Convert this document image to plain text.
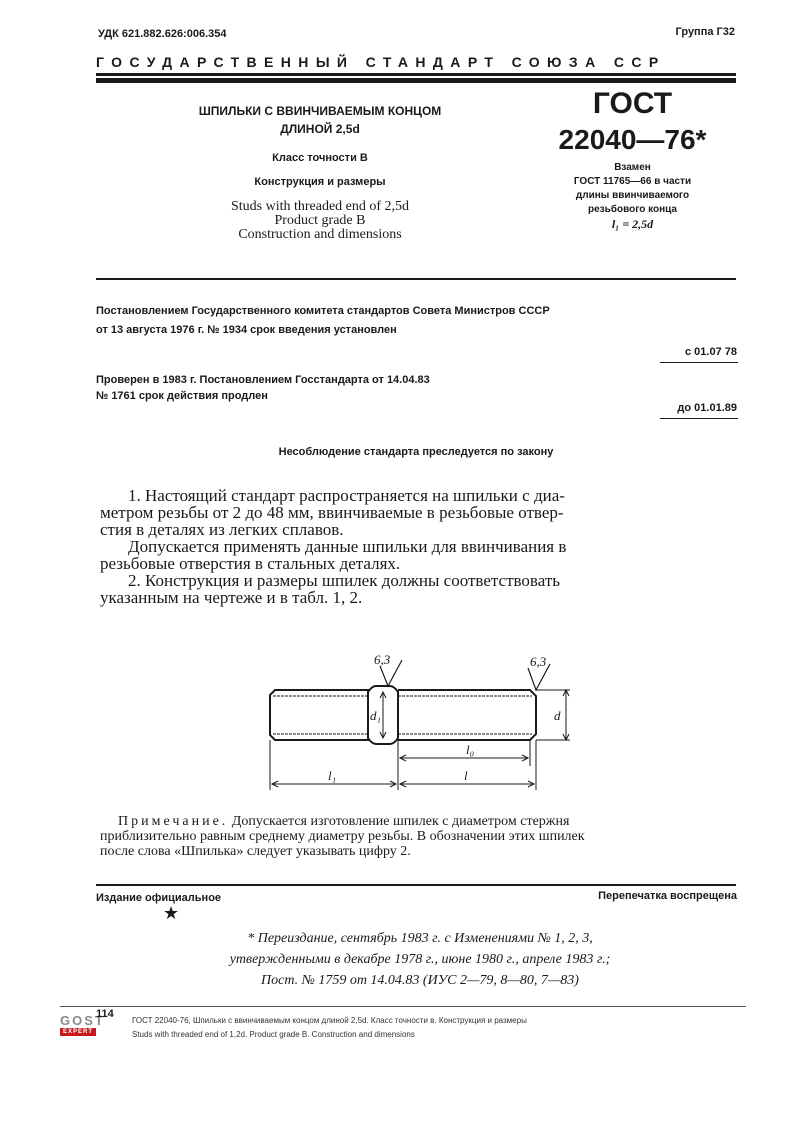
УДК 621.882.626:006.354	Группа Г32
ГОСУДАРСТВЕННЫЙ СТАНДАРТ СОЮЗА ССР
ШПИЛЬКИ С ВВИНЧИВАЕМЫМ КОНЦОМ
ДЛИНОЙ 2,5d
Класс точности В
Конструкция и размеры
Studs with threaded end of 2,5d
Product grade B
Construction and dimensions
ГОСТ
22040—76*
Взамен
ГОСТ 11765—66 в части
длины ввинчиваемого
резьбового конца
l₁ = 2,5d
Постановлением Государственного комитета стандартов Совета Министров СССР
от 13 августа 1976 г. № 1934 срок введения установлен
с 01.07 78
Проверен в 1983 г. Постановлением Госстандарта от 14.04.83
№ 1761 срок действия продлен
до 01.01.89
Несоблюдение стандарта преследуется по закону

1. Настоящий стандарт распространяется на шпильки с диа-

метром резьбы от 2 до 48 мм, ввинчиваемые в резьбовые отвер-

стия в деталях из легких сплавов.

Допускается применять данные шпильки для ввинчивания в

резьбовые отверстия в стальных деталях.

2. Конструкция и размеры шпилек должны соответствовать

указанным на чертеже и в табл. 1, 2.

6,3	6,3
d₁	d
l₀
l₁	l
Примечание. Допускается изготовление шпилек с диаметром стержня
приблизительно равным среднему диаметру резьбы. В обозначении этих шпилек
после слова «Шпилька» следует указывать цифру 2.
Издание официальное	Перепечатка воспрещена
★
* Переиздание, сентябрь 1983 г. с Изменениями № 1, 2, 3,
утвержденными в декабре 1978 г., июне 1980 г., апреле 1983 г.;
Пост. № 1759 от 14.04.83 (ИУС 2—79, 8—80, 7—83)
GOST
EXPERT
114
ГОСТ 22040-76, Шпильки с ввинчиваемым концом длиной 2,5d. Класс точности в. Конструкция и размеры
Studs with threaded end of 1,2d. Product grade B. Construction and dimensions
